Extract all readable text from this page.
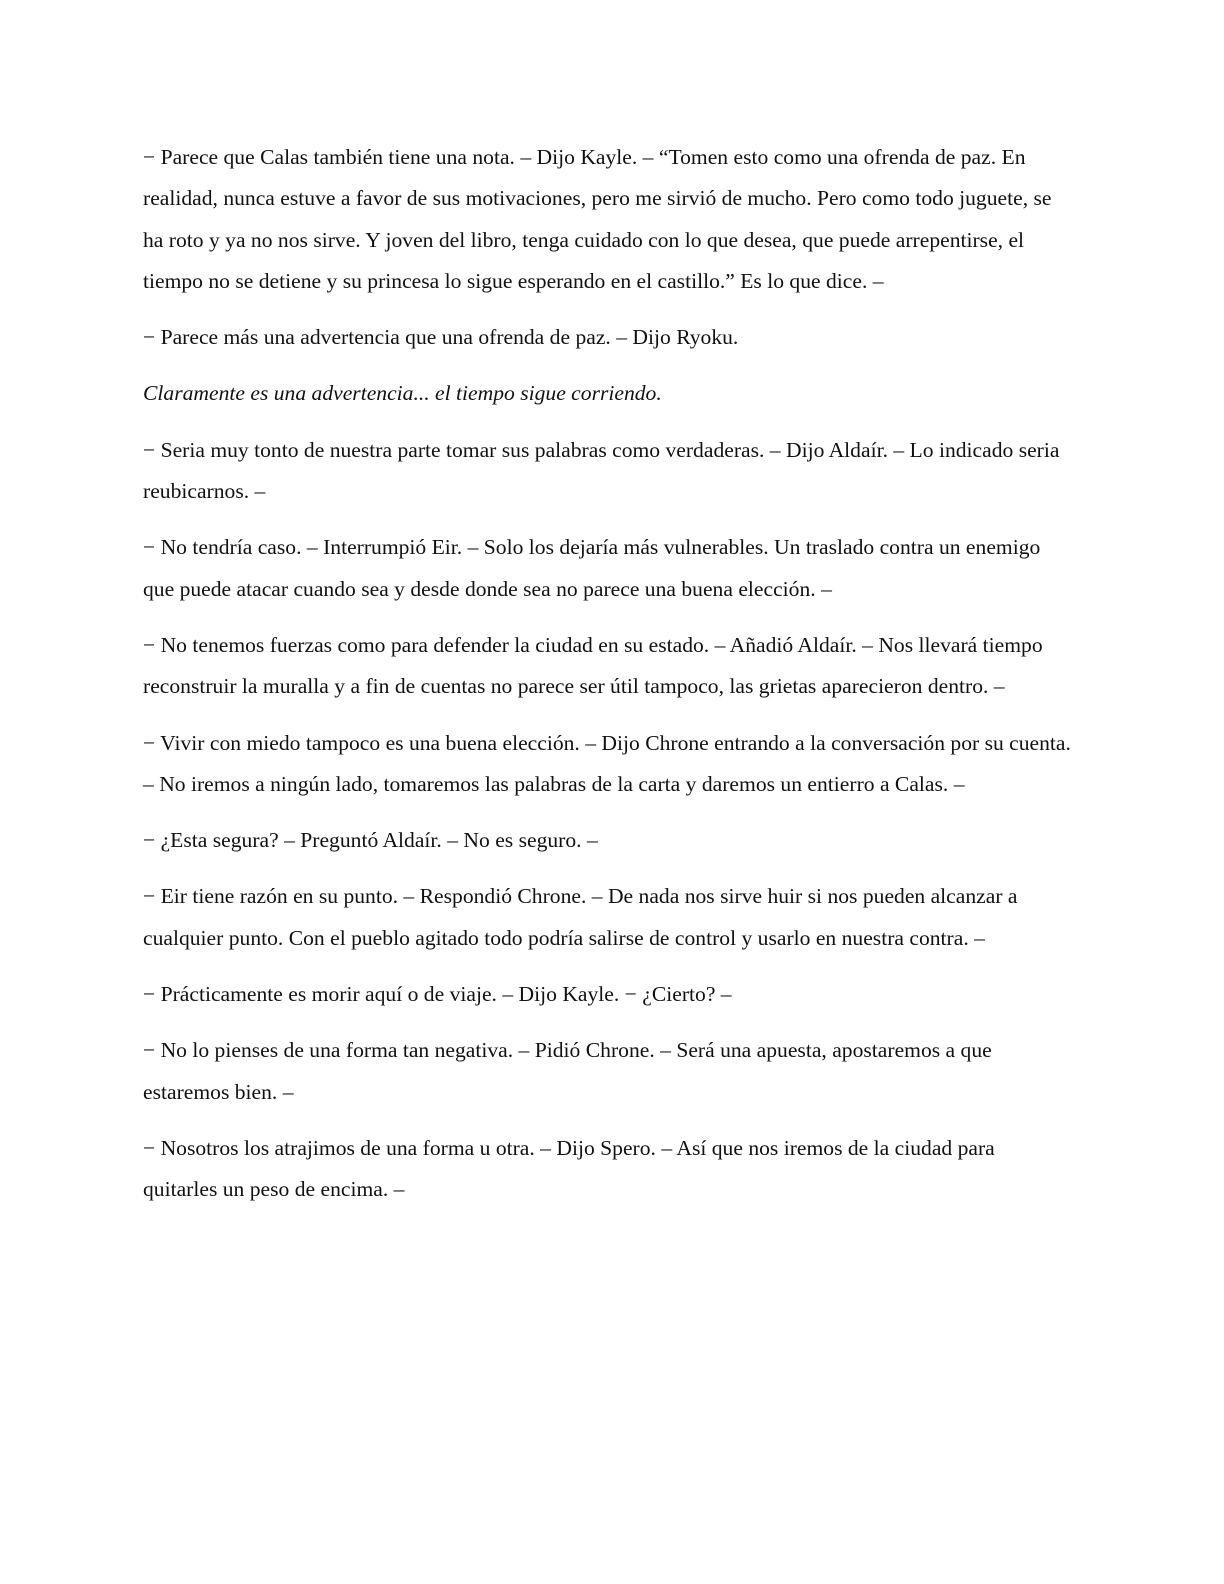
− Parece que Calas también tiene una nota. – Dijo Kayle. – “Tomen esto como una ofrenda de paz. En realidad, nunca estuve a favor de sus motivaciones, pero me sirvió de mucho. Pero como todo juguete, se ha roto y ya no nos sirve. Y joven del libro, tenga cuidado con lo que desea, que puede arrepentirse, el tiempo no se detiene y su princesa lo sigue esperando en el castillo.” Es lo que dice. –

− Parece más una advertencia que una ofrenda de paz. – Dijo Ryoku.

Claramente es una advertencia... el tiempo sigue corriendo.

− Seria muy tonto de nuestra parte tomar sus palabras como verdaderas. – Dijo Aldaír. – Lo indicado seria reubicarnos. –

− No tendría caso. – Interrumpió Eir. – Solo los dejaría más vulnerables. Un traslado contra un enemigo que puede atacar cuando sea y desde donde sea no parece una buena elección. –

− No tenemos fuerzas como para defender la ciudad en su estado. – Añadió Aldaír. – Nos llevará tiempo reconstruir la muralla y a fin de cuentas no parece ser útil tampoco, las grietas aparecieron dentro. –

− Vivir con miedo tampoco es una buena elección. – Dijo Chrone entrando a la conversación por su cuenta. – No iremos a ningún lado, tomaremos las palabras de la carta y daremos un entierro a Calas. –

− ¿Esta segura? – Preguntó Aldaír. – No es seguro. –

− Eir tiene razón en su punto. – Respondió Chrone. – De nada nos sirve huir si nos pueden alcanzar a cualquier punto. Con el pueblo agitado todo podría salirse de control y usarlo en nuestra contra. –

− Prácticamente es morir aquí o de viaje. – Dijo Kayle. − ¿Cierto? –

− No lo pienses de una forma tan negativa. – Pidió Chrone. – Será una apuesta, apostaremos a que estaremos bien. –

− Nosotros los atrajimos de una forma u otra. – Dijo Spero. – Así que nos iremos de la ciudad para quitarles un peso de encima. –
